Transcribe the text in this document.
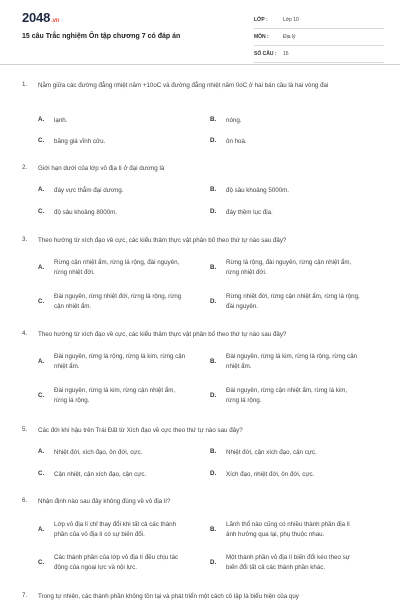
2048.vn
15 câu Trắc nghiệm Ôn tập chương 7 có đáp án
LỚP :	Lớp 10
MÔN :	Địa lý
SỐ CÂU : 15
1. Nằm giữa các đường đẳng nhiệt năm +10oC và đường đẳng nhiệt năm 0oC ở hai bán cầu là hai vòng đai
A. lạnh.	B. nóng.
C. băng giá vĩnh cửu.	D. ôn hoà.
2. Giới hạn dưới của lớp vỏ địa lí ở đại dương là
A. đáy vực thẳm đại dương.	B. độ sâu khoảng 5000m.
C. độ sâu khoảng 8000m.	D. đáy thềm lục địa.
3. Theo hướng từ xích đạo về cực, các kiểu thảm thực vật phân bố theo thứ tự nào sau đây?
A.
Rừng cận nhiệt ẩm, rừng lá rộng, đài nguyên, rừng nhiệt đới.
B.
Rừng lá rộng, đài nguyên, rừng cận nhiệt ẩm, rừng nhiệt đới.
C.
Đài nguyên, rừng nhiệt đới, rừng lá rộng, rừng cận nhiệt ẩm.
D.
Rừng nhiệt đới, rừng cận nhiệt ẩm, rừng lá rộng, đài nguyên.
4. Theo hướng từ xích đạo về cực, các kiểu thảm thực vật phân bố theo thứ tự nào sau đây?
A.
Đài nguyên, rừng lá rộng, rừng lá kim, rừng cận nhiệt ẩm.
B.
Đài nguyên, rừng lá kim, rừng lá rộng, rừng cận nhiệt ẩm.
C.
Đài nguyên, rừng lá kim, rừng cận nhiệt ẩm, rừng lá rộng.
D.
Đài nguyên, rừng cận nhiệt ẩm, rừng lá kim, rừng lá rộng.
5. Các đới khí hậu trên Trái Đất từ Xích đạo về cực theo thứ tự nào sau đây?
A. Nhiệt đới, xích đạo, ôn đới, cực.	B. Nhiệt đới, cận xích đạo, cận cực.
C. Cận nhiệt, cận xích đạo, cận cực.	D. Xích đạo, nhiệt đới, ôn đới, cực.
6. Nhận định nào sau đây không đúng về vỏ địa lí?
A.
Lớp vỏ địa lí chỉ thay đổi khi tất cả các thành phần của vỏ địa lí có sự biến đổi.
B.
Lãnh thổ nào cũng có nhiều thành phần địa lí ảnh hưởng qua lại, phụ thuộc nhau.
C.
Các thành phần của lớp vỏ địa lí đều chịu tác động của ngoại lực và nội lực.
D.
Một thành phần vỏ địa lí biến đổi kéo theo sự biến đổi tất cả các thành phần khác.
7. Trong tự nhiên, các thành phần không tồn tại và phát triển một cách cô lập là biểu hiện của quy
